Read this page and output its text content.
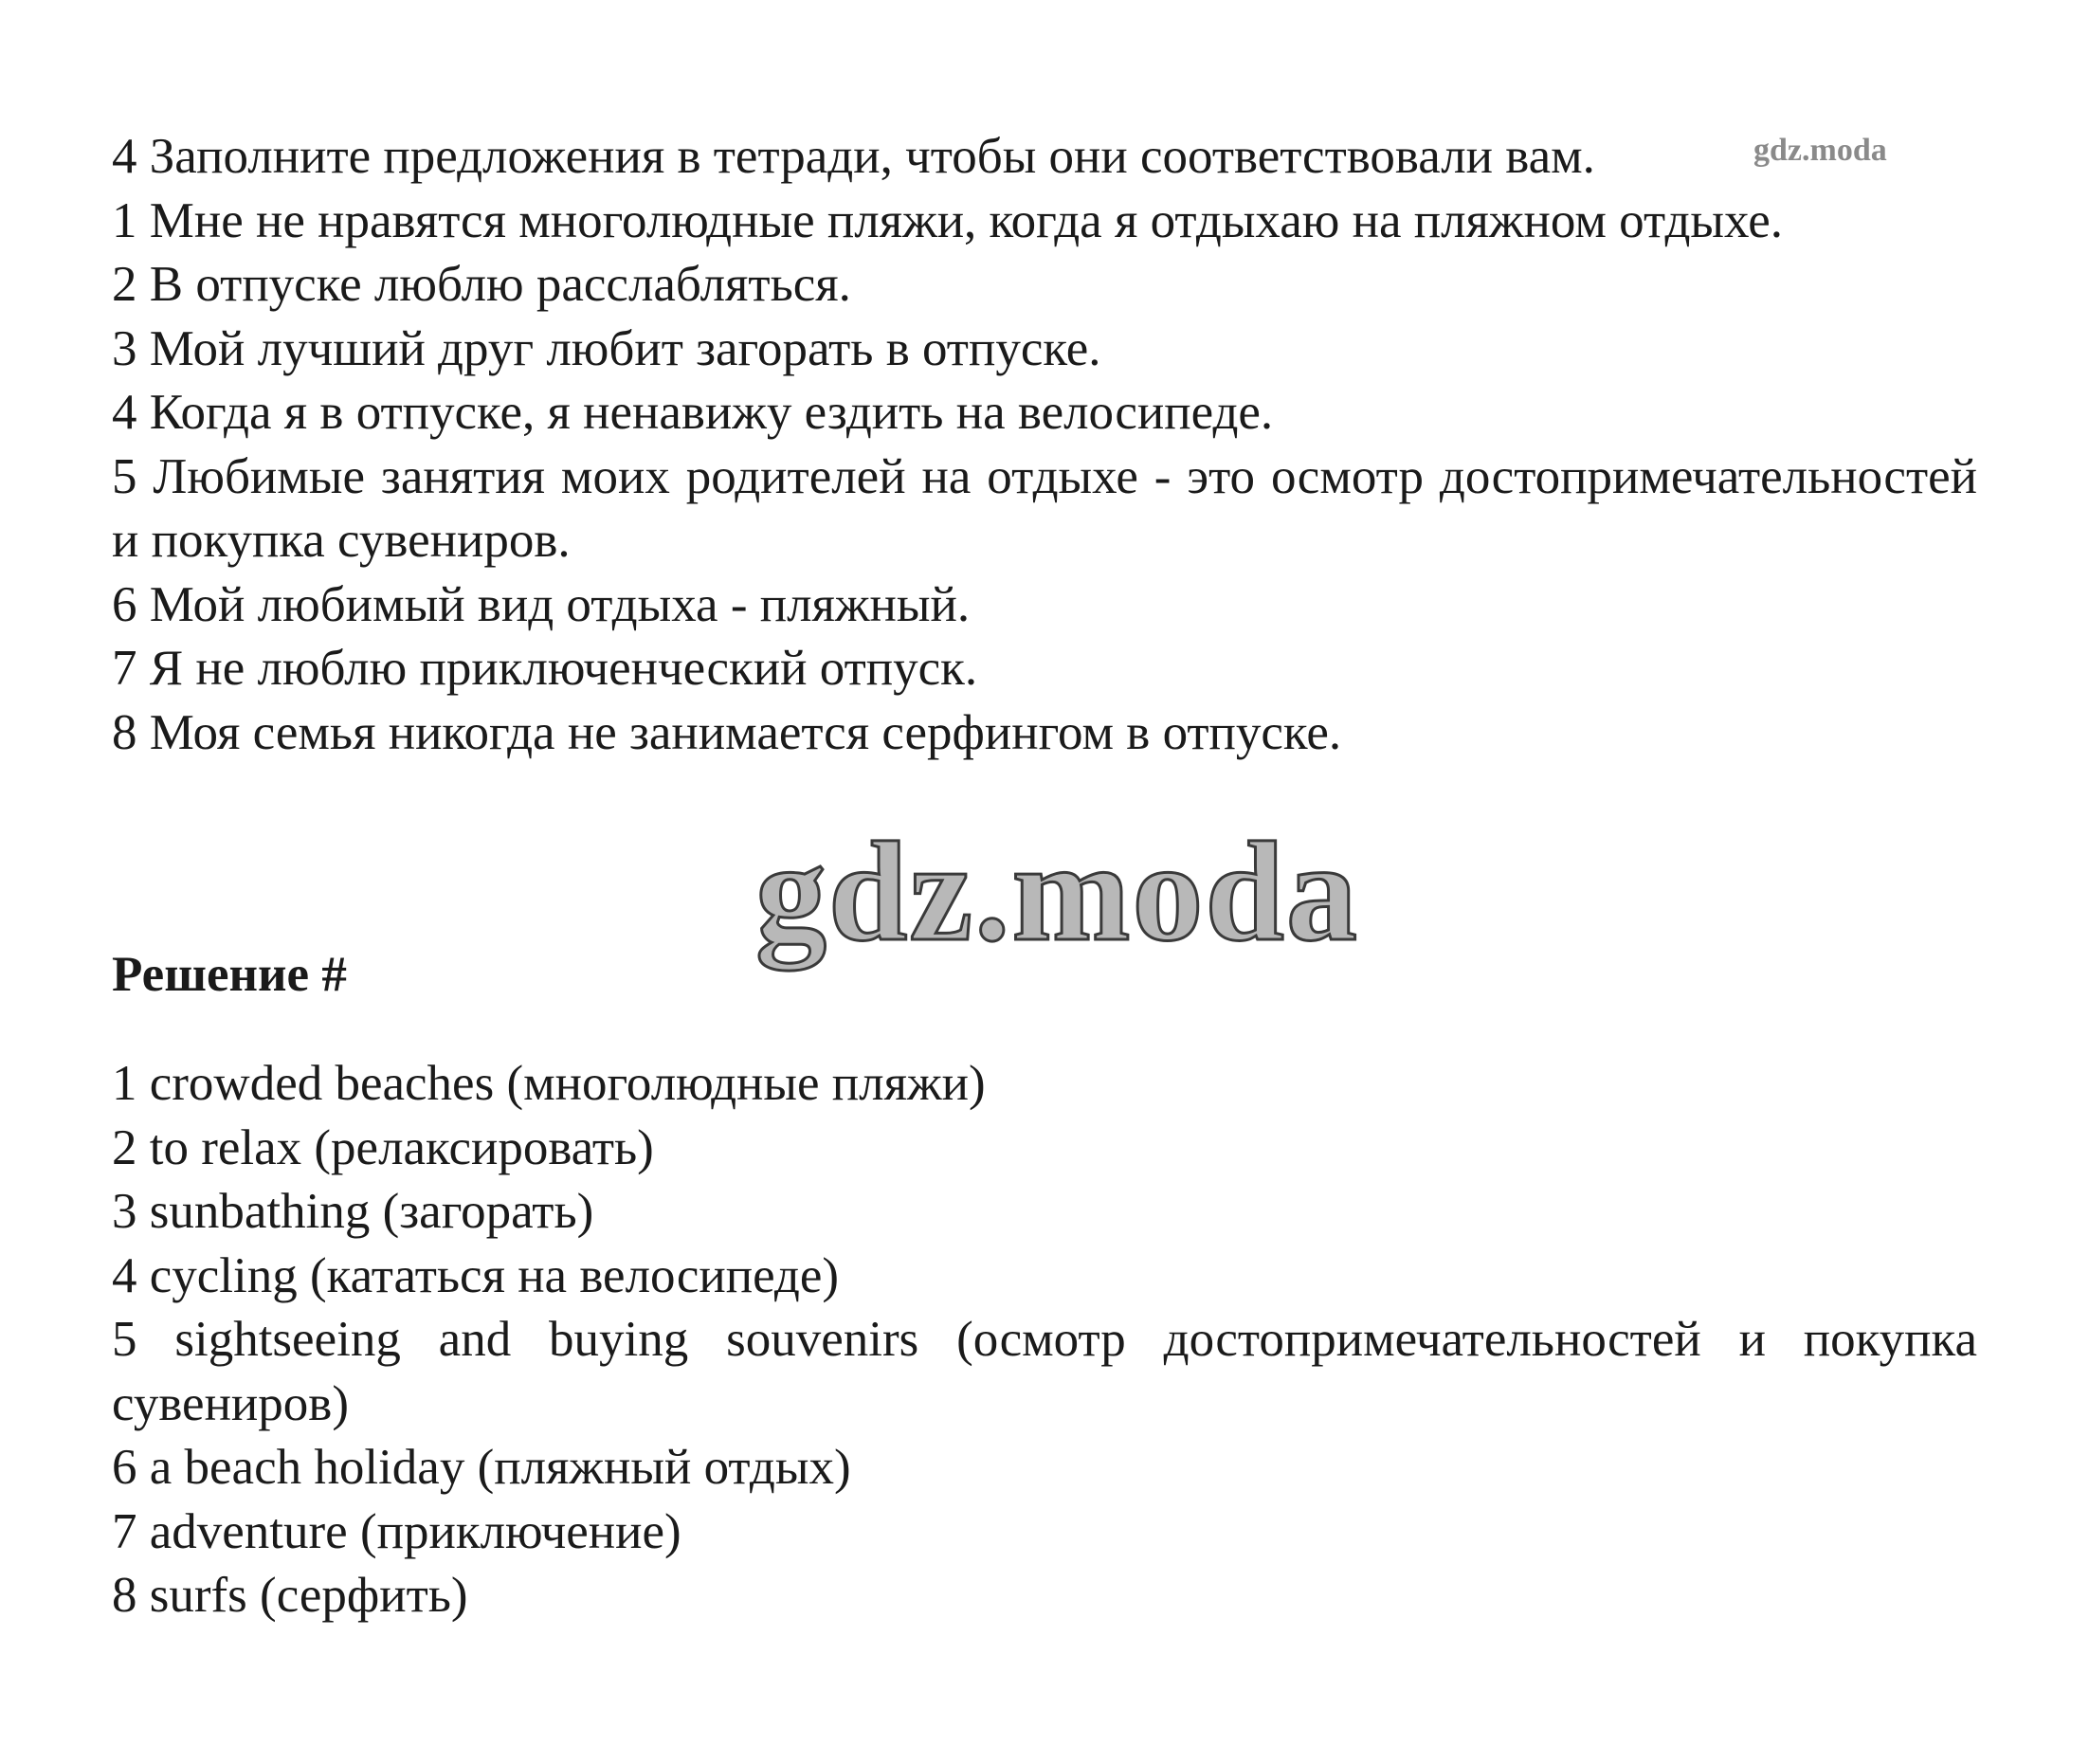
4 Заполните предложения в тетради, чтобы они соответствовали вам.

1 Мне не нравятся многолюдные пляжи, когда я отдыхаю на пляжном отдыхе.

2 В отпуске люблю расслабляться.

3 Мой лучший друг любит загорать в отпуске.

4 Когда я в отпуске, я ненавижу ездить на велосипеде.

5 Любимые занятия моих родителей на отдыхе - это осмотр достопримечательностей и покупка сувениров.

6 Мой любимый вид отдыха - пляжный.

7 Я не люблю приключенческий отпуск.

8 Моя семья никогда не занимается серфингом в отпуске.

gdz.moda
gdz.moda

Решение #

1 crowded beaches (многолюдные пляжи)

2 to relax (релаксировать)

3 sunbathing (загорать)

4 cycling (кататься на велосипеде)

5 sightseeing and buying souvenirs (осмотр достопримечательностей и покупка сувениров)

6 a beach holiday (пляжный отдых)

7 adventure (приключение)

8 surfs (серфить)
